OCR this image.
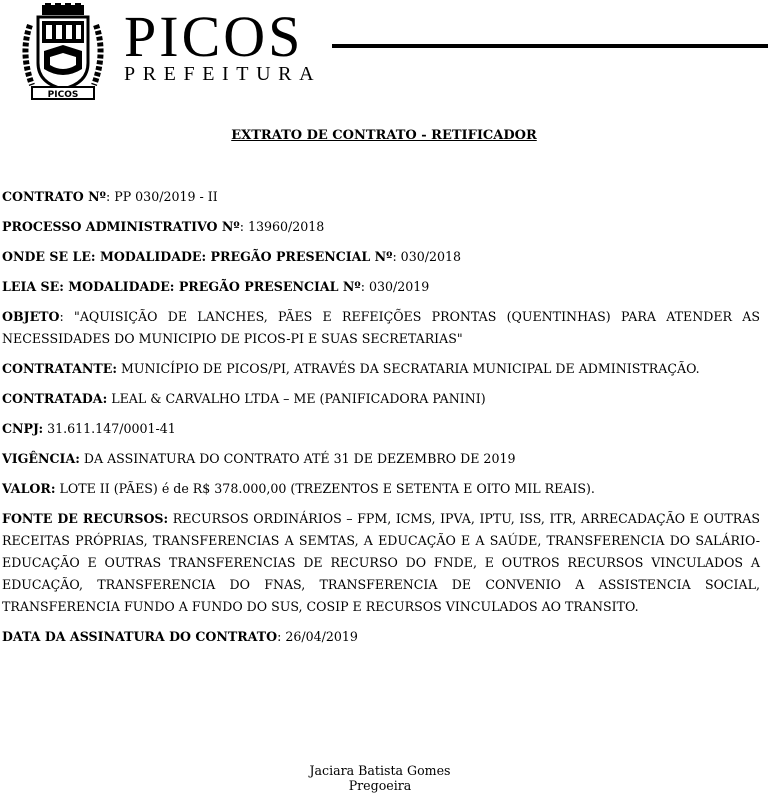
PICOS
PICOS
PREFEITURA
EXTRATO DE CONTRATO - RETIFICADOR

CONTRATO Nº: PP 030/2019 - II

PROCESSO ADMINISTRATIVO Nº: 13960/2018

ONDE SE LE: MODALIDADE: PREGÃO PRESENCIAL Nº: 030/2018

LEIA SE: MODALIDADE: PREGÃO PRESENCIAL Nº: 030/2019

OBJETO: "AQUISIÇÃO DE LANCHES, PÃES E REFEIÇÕES PRONTAS (QUENTINHAS) PARA ATENDER AS NECESSIDADES DO MUNICIPIO DE PICOS-PI E SUAS SECRETARIAS"

CONTRATANTE: MUNICÍPIO DE PICOS/PI, ATRAVÉS DA SECRATARIA MUNICIPAL DE ADMINISTRAÇÃO.

CONTRATADA: LEAL & CARVALHO LTDA – ME (PANIFICADORA PANINI)

CNPJ: 31.611.147/0001-41

VIGÊNCIA: DA ASSINATURA DO CONTRATO ATÉ 31 DE DEZEMBRO DE 2019

VALOR: LOTE II (PÃES) é de R$ 378.000,00 (TREZENTOS E SETENTA E OITO MIL REAIS).

FONTE DE RECURSOS: RECURSOS ORDINÁRIOS – FPM, ICMS, IPVA, IPTU, ISS, ITR, ARRECADAÇÃO E OUTRAS RECEITAS PRÓPRIAS, TRANSFERENCIAS A SEMTAS, A EDUCAÇÃO E A SAÚDE, TRANSFERENCIA DO SALÁRIO-EDUCAÇÃO E OUTRAS TRANSFERENCIAS DE RECURSO DO FNDE, E OUTROS RECURSOS VINCULADOS A EDUCAÇÃO, TRANSFERENCIA DO FNAS, TRANSFERENCIA DE CONVENIO A ASSISTENCIA SOCIAL, TRANSFERENCIA FUNDO A FUNDO DO SUS, COSIP E RECURSOS VINCULADOS AO TRANSITO.

DATA DA ASSINATURA DO CONTRATO: 26/04/2019

Jaciara Batista Gomes
Pregoeira
